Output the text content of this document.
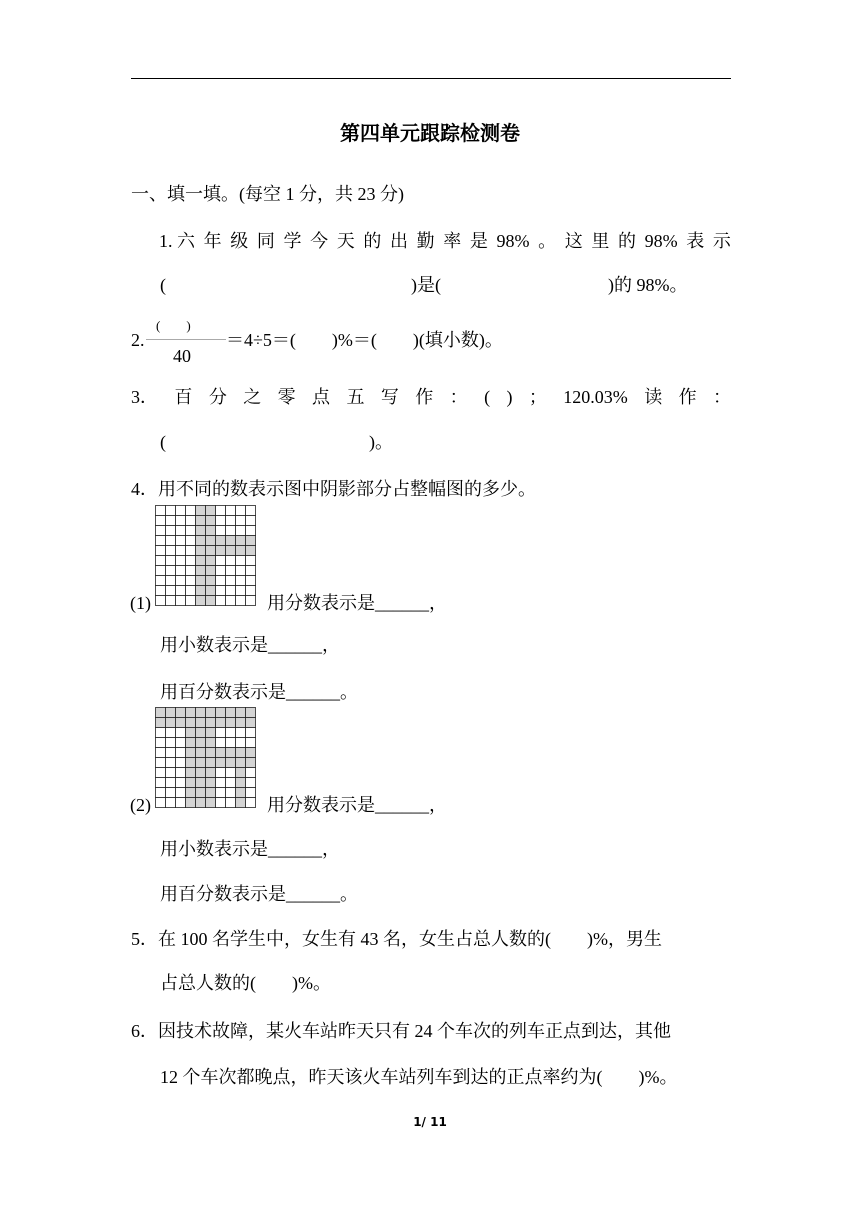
第四单元跟踪检测卷
一、填一填。(每空 1 分，共 23 分)
1. 六 年 级 同 学 今 天 的 出 勤 率 是 98% 。 这 里 的 98% 表 示
(	)是(	)的 98%。
2.
(　　)
40
＝4÷5＝(　　)%＝(　　)(填小数)。
3． 百 分 之 零 点 五 写 作 ： ( ) ； 120.03% 读 作 ：
(	)。
4．用不同的数表示图中阴影部分占整幅图的多少。
(1)	用分数表示是______，
用小数表示是______，
用百分数表示是______。
(2)	用分数表示是______，
用小数表示是______，
用百分数表示是______。
5．在 100 名学生中，女生有 43 名，女生占总人数的(　　)%，男生
占总人数的(　　)%。
6．因技术故障，某火车站昨天只有 24 个车次的列车正点到达，其他
12 个车次都晚点，昨天该火车站列车到达的正点率约为(　　)%。
1/ 11
